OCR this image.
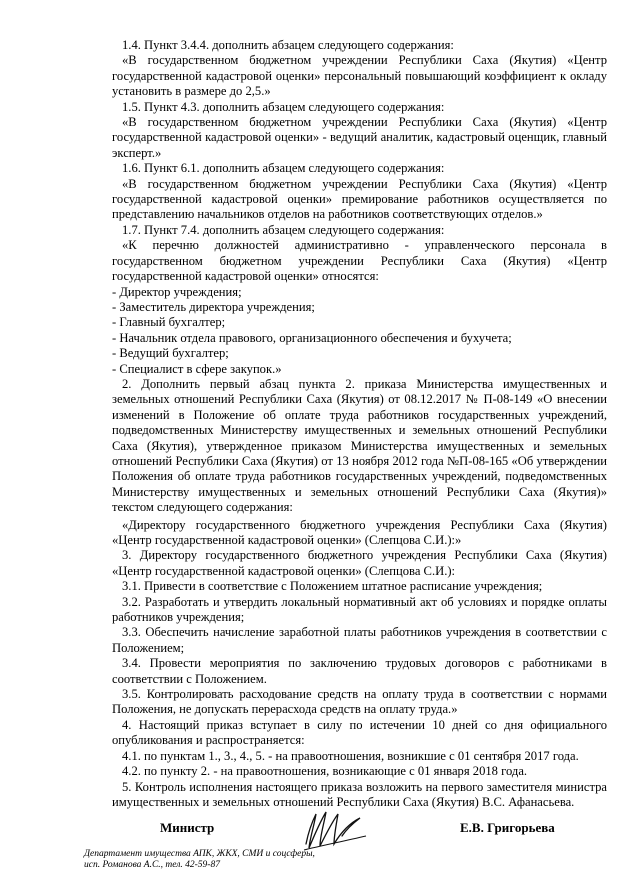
1.4. Пункт 3.4.4. дополнить абзацем следующего содержания:

«В государственном бюджетном учреждении Республики Саха (Якутия) «Центр государственной кадастровой оценки» персональный повышающий коэффициент к окладу установить в размере до 2,5.»

1.5. Пункт 4.3. дополнить абзацем следующего содержания:

«В государственном бюджетном учреждении Республики Саха (Якутия) «Центр государственной кадастровой оценки» - ведущий аналитик, кадастровый оценщик, главный эксперт.»

1.6. Пункт 6.1. дополнить абзацем следующего содержания:

«В государственном бюджетном учреждении Республики Саха (Якутия) «Центр государственной кадастровой оценки» премирование работников осуществляется по представлению начальников отделов на работников соответствующих отделов.»

1.7. Пункт 7.4. дополнить абзацем следующего содержания:

«К перечню должностей административно - управленческого персонала в государственном бюджетном учреждении Республики Саха (Якутия) «Центр государственной кадастровой оценки» относятся:

- Директор учреждения;

- Заместитель директора учреждения;

- Главный бухгалтер;

- Начальник отдела правового, организационного обеспечения и бухучета;

- Ведущий бухгалтер;

- Специалист в сфере закупок.»

2. Дополнить первый абзац пункта 2. приказа Министерства имущественных и земельных отношений Республики Саха (Якутия) от 08.12.2017 № П-08-149 «О внесении изменений в Положение об оплате труда работников государственных учреждений, подведомственных Министерству имущественных и земельных отношений Республики Саха (Якутия), утвержденное приказом Министерства имущественных и земельных отношений Республики Саха (Якутия) от 13 ноября 2012 года №П-08-165 «Об утверждении Положения об оплате труда работников государственных учреждений, подведомственных Министерству имущественных и земельных отношений Республики Саха (Якутия)» текстом следующего содержания:

«Директору государственного бюджетного учреждения Республики Саха (Якутия) «Центр государственной кадастровой оценки» (Слепцова С.И.):»

3. Директору государственного бюджетного учреждения Республики Саха (Якутия) «Центр государственной кадастровой оценки» (Слепцова С.И.):

3.1. Привести в соответствие с Положением штатное расписание учреждения;

3.2. Разработать и утвердить локальный нормативный акт об условиях и порядке оплаты работников учреждения;

3.3. Обеспечить начисление заработной платы работников учреждения в соответствии с Положением;

3.4. Провести мероприятия по заключению трудовых договоров с работниками в соответствии с Положением.

3.5. Контролировать расходование средств на оплату труда в соответствии с нормами Положения, не допускать перерасхода средств на оплату труда.»

4. Настоящий приказ вступает в силу по истечении 10 дней со дня официального опубликования и распространяется:

4.1. по пунктам 1., 3., 4., 5. - на правоотношения, возникшие с 01 сентября 2017 года.

4.2. по пункту 2. - на правоотношения, возникающие с 01 января 2018 года.

5. Контроль исполнения настоящего приказа возложить на первого заместителя министра имущественных и земельных отношений Республики Саха (Якутия) В.С. Афанасьева.

Министр	Е.В. Григорьева
Департамент имущества АПК, ЖКХ, СМИ и соцсферы,
исп. Романова А.С., тел. 42-59-87
